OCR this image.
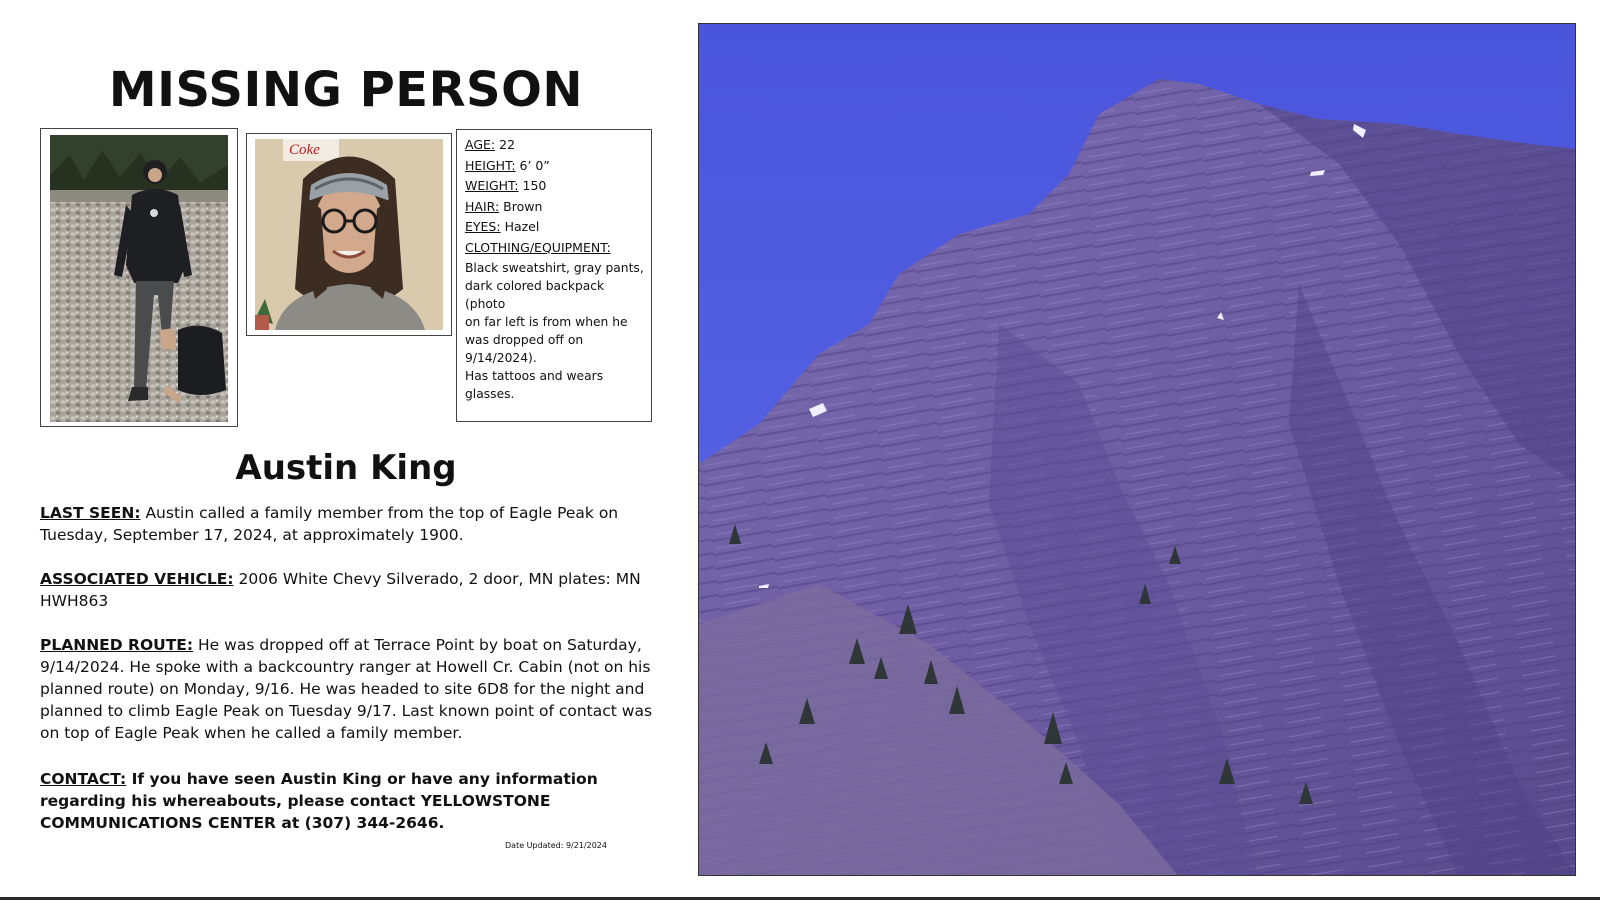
MISSING PERSON
Coke	AGE: 22
HEIGHT: 6’ 0”
WEIGHT: 150
HAIR: Brown
EYES: Hazel
CLOTHING/EQUIPMENT:
Black sweatshirt, gray pants,
dark colored backpack (photo
on far left is from when he
was dropped off on
9/14/2024).
Has tattoos and wears
glasses.
Austin King
LAST SEEN: Austin called a family member from the top of Eagle Peak on Tuesday, September 17, 2024, at approximately 1900.
ASSOCIATED VEHICLE: 2006 White Chevy Silverado, 2 door, MN plates: MN HWH863
PLANNED ROUTE: He was dropped off at Terrace Point by boat on Saturday, 9/14/2024. He spoke with a backcountry ranger at Howell Cr. Cabin (not on his planned route) on Monday, 9/16. He was headed to site 6D8 for the night and planned to climb Eagle Peak on Tuesday 9/17. Last known point of contact was on top of Eagle Peak when he called a family member.
CONTACT: If you have seen Austin King or have any information regarding his whereabouts, please contact YELLOWSTONE COMMUNICATIONS CENTER at (307) 344-2646.
Date Updated: 9/21/2024
